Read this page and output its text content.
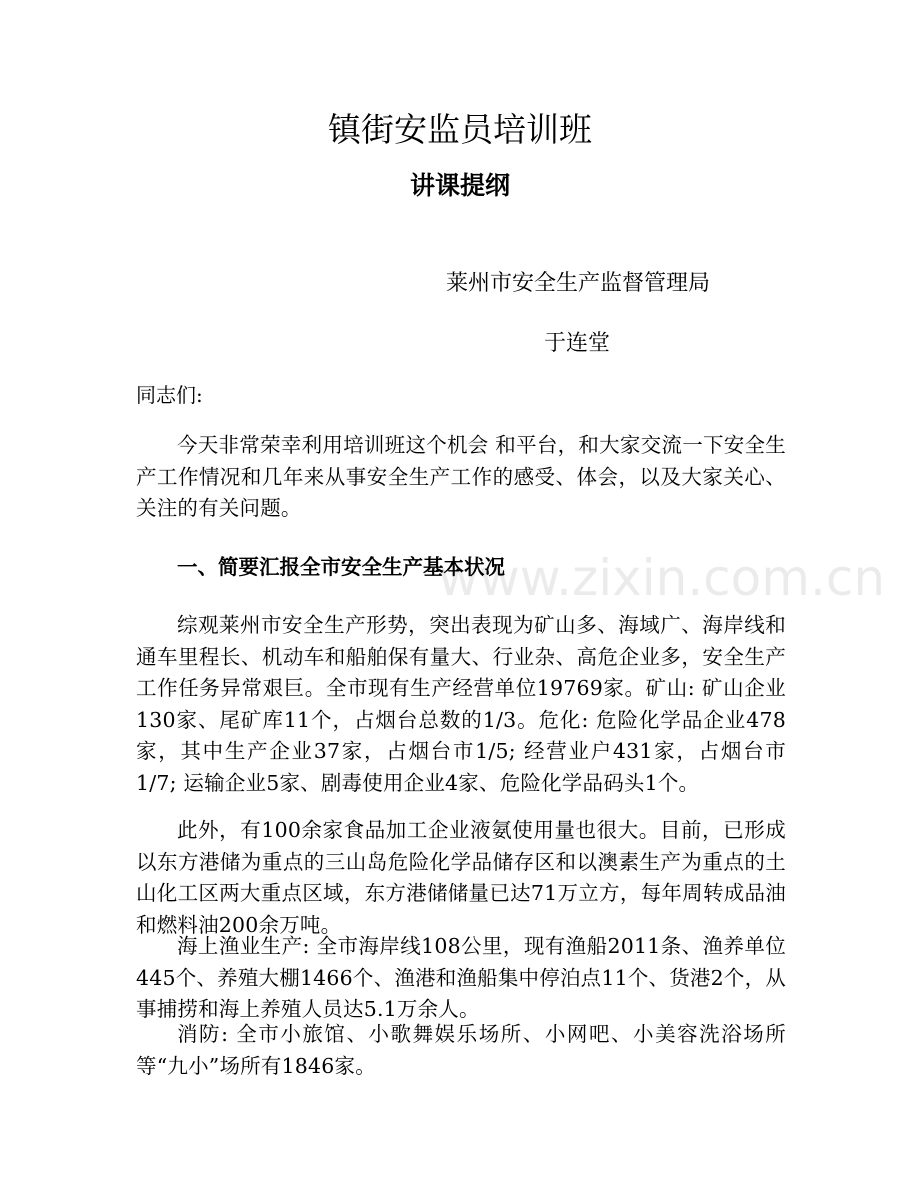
镇街安监员培训班
讲课提纲
莱州市安全生产监督管理局
于连堂
同志们:

今天非常荣幸利用培训班这个机会 和平台，和大家交流一下安全生产工作情况和几年来从事安全生产工作的感受、体会，以及大家关心、关注的有关问题。

www.zixin.com.cn
一、简要汇报全市安全生产基本状况

综观莱州市安全生产形势，突出表现为矿山多、海域广、海岸线和通车里程长、机动车和船舶保有量大、行业杂、高危企业多，安全生产工作任务异常艰巨。全市现有生产经营单位19769家。矿山: 矿山企业130家、尾矿库11个，占烟台总数的1/3。危化: 危险化学品企业478家，其中生产企业37家，占烟台市1/5; 经营业户431家，占烟台市1/7; 运输企业5家、剧毒使用企业4家、危险化学品码头1个。

此外，有100余家食品加工企业液氨使用量也很大。目前，已形成以东方港储为重点的三山岛危险化学品储存区和以澳素生产为重点的土山化工区两大重点区域，东方港储储量已达71万立方，每年周转成品油和燃料油200余万吨。

海上渔业生产: 全市海岸线108公里，现有渔船2011条、渔养单位445个、养殖大棚1466个、渔港和渔船集中停泊点11个、货港2个，从事捕捞和海上养殖人员达5.1万余人。

消防: 全市小旅馆、小歌舞娱乐场所、小网吧、小美容洗浴场所等“九小”场所有1846家。
